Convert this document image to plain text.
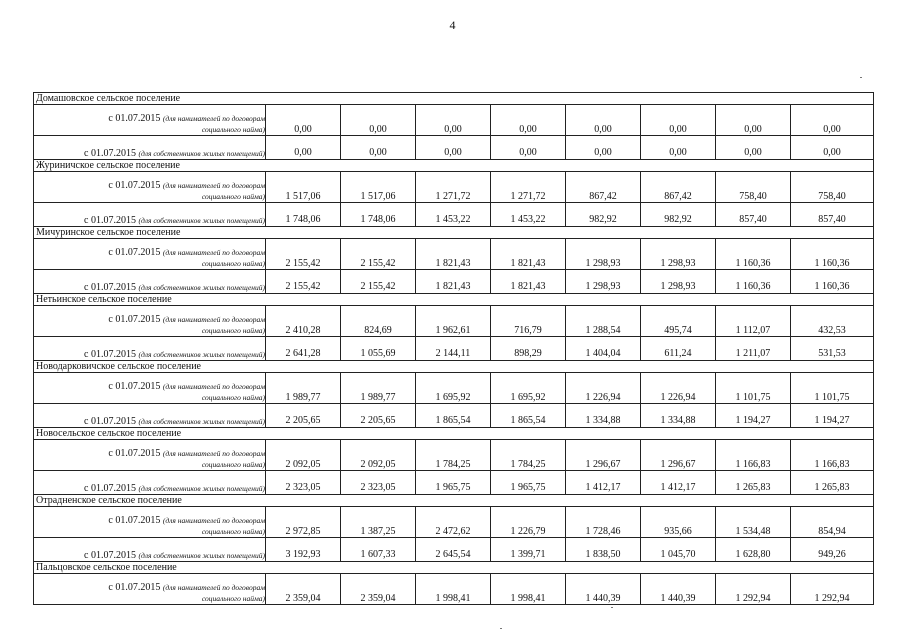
4
Домашовское сельское поселение								

с 01.07.2015 (для нанимателей по договорам
социального найма)	0,00	0,00	0,00	0,00	0,00	0,00	0,00	0,00
с 01.07.2015 (для собственников жилых помещений)	0,00	0,00	0,00	0,00	0,00	0,00	0,00	0,00
Журиничское сельское поселение								

с 01.07.2015 (для нанимателей по договорам
социального найма)	1 517,06	1 517,06	1 271,72	1 271,72	867,42	867,42	758,40	758,40
с 01.07.2015 (для собственников жилых помещений)	1 748,06	1 748,06	1 453,22	1 453,22	982,92	982,92	857,40	857,40
Мичуринское сельское поселение								

с 01.07.2015 (для нанимателей по договорам
социального найма)	2 155,42	2 155,42	1 821,43	1 821,43	1 298,93	1 298,93	1 160,36	1 160,36
с 01.07.2015 (для собственников жилых помещений)	2 155,42	2 155,42	1 821,43	1 821,43	1 298,93	1 298,93	1 160,36	1 160,36
Нетьинское сельское поселение								

с 01.07.2015 (для нанимателей по договорам
социального найма)	2 410,28	824,69	1 962,61	716,79	1 288,54	495,74	1 112,07	432,53
с 01.07.2015 (для собственников жилых помещений)	2 641,28	1 055,69	2 144,11	898,29	1 404,04	611,24	1 211,07	531,53
Новодарковичское сельское поселение								

с 01.07.2015 (для нанимателей по договорам
социального найма)	1 989,77	1 989,77	1 695,92	1 695,92	1 226,94	1 226,94	1 101,75	1 101,75
с 01.07.2015 (для собственников жилых помещений)	2 205,65	2 205,65	1 865,54	1 865,54	1 334,88	1 334,88	1 194,27	1 194,27
Новосельское сельское поселение								

с 01.07.2015 (для нанимателей по договорам
социального найма)	2 092,05	2 092,05	1 784,25	1 784,25	1 296,67	1 296,67	1 166,83	1 166,83
с 01.07.2015 (для собственников жилых помещений)	2 323,05	2 323,05	1 965,75	1 965,75	1 412,17	1 412,17	1 265,83	1 265,83
Отрадненское сельское поселение								

с 01.07.2015 (для нанимателей по договорам
социального найма)	2 972,85	1 387,25	2 472,62	1 226,79	1 728,46	935,66	1 534,48	854,94
с 01.07.2015 (для собственников жилых помещений)	3 192,93	1 607,33	2 645,54	1 399,71	1 838,50	1 045,70	1 628,80	949,26
Пальцовское сельское поселение								

с 01.07.2015 (для нанимателей по договорам
социального найма)	2 359,04	2 359,04	1 998,41	1 998,41	1 440,39	1 440,39	1 292,94	1 292,94
